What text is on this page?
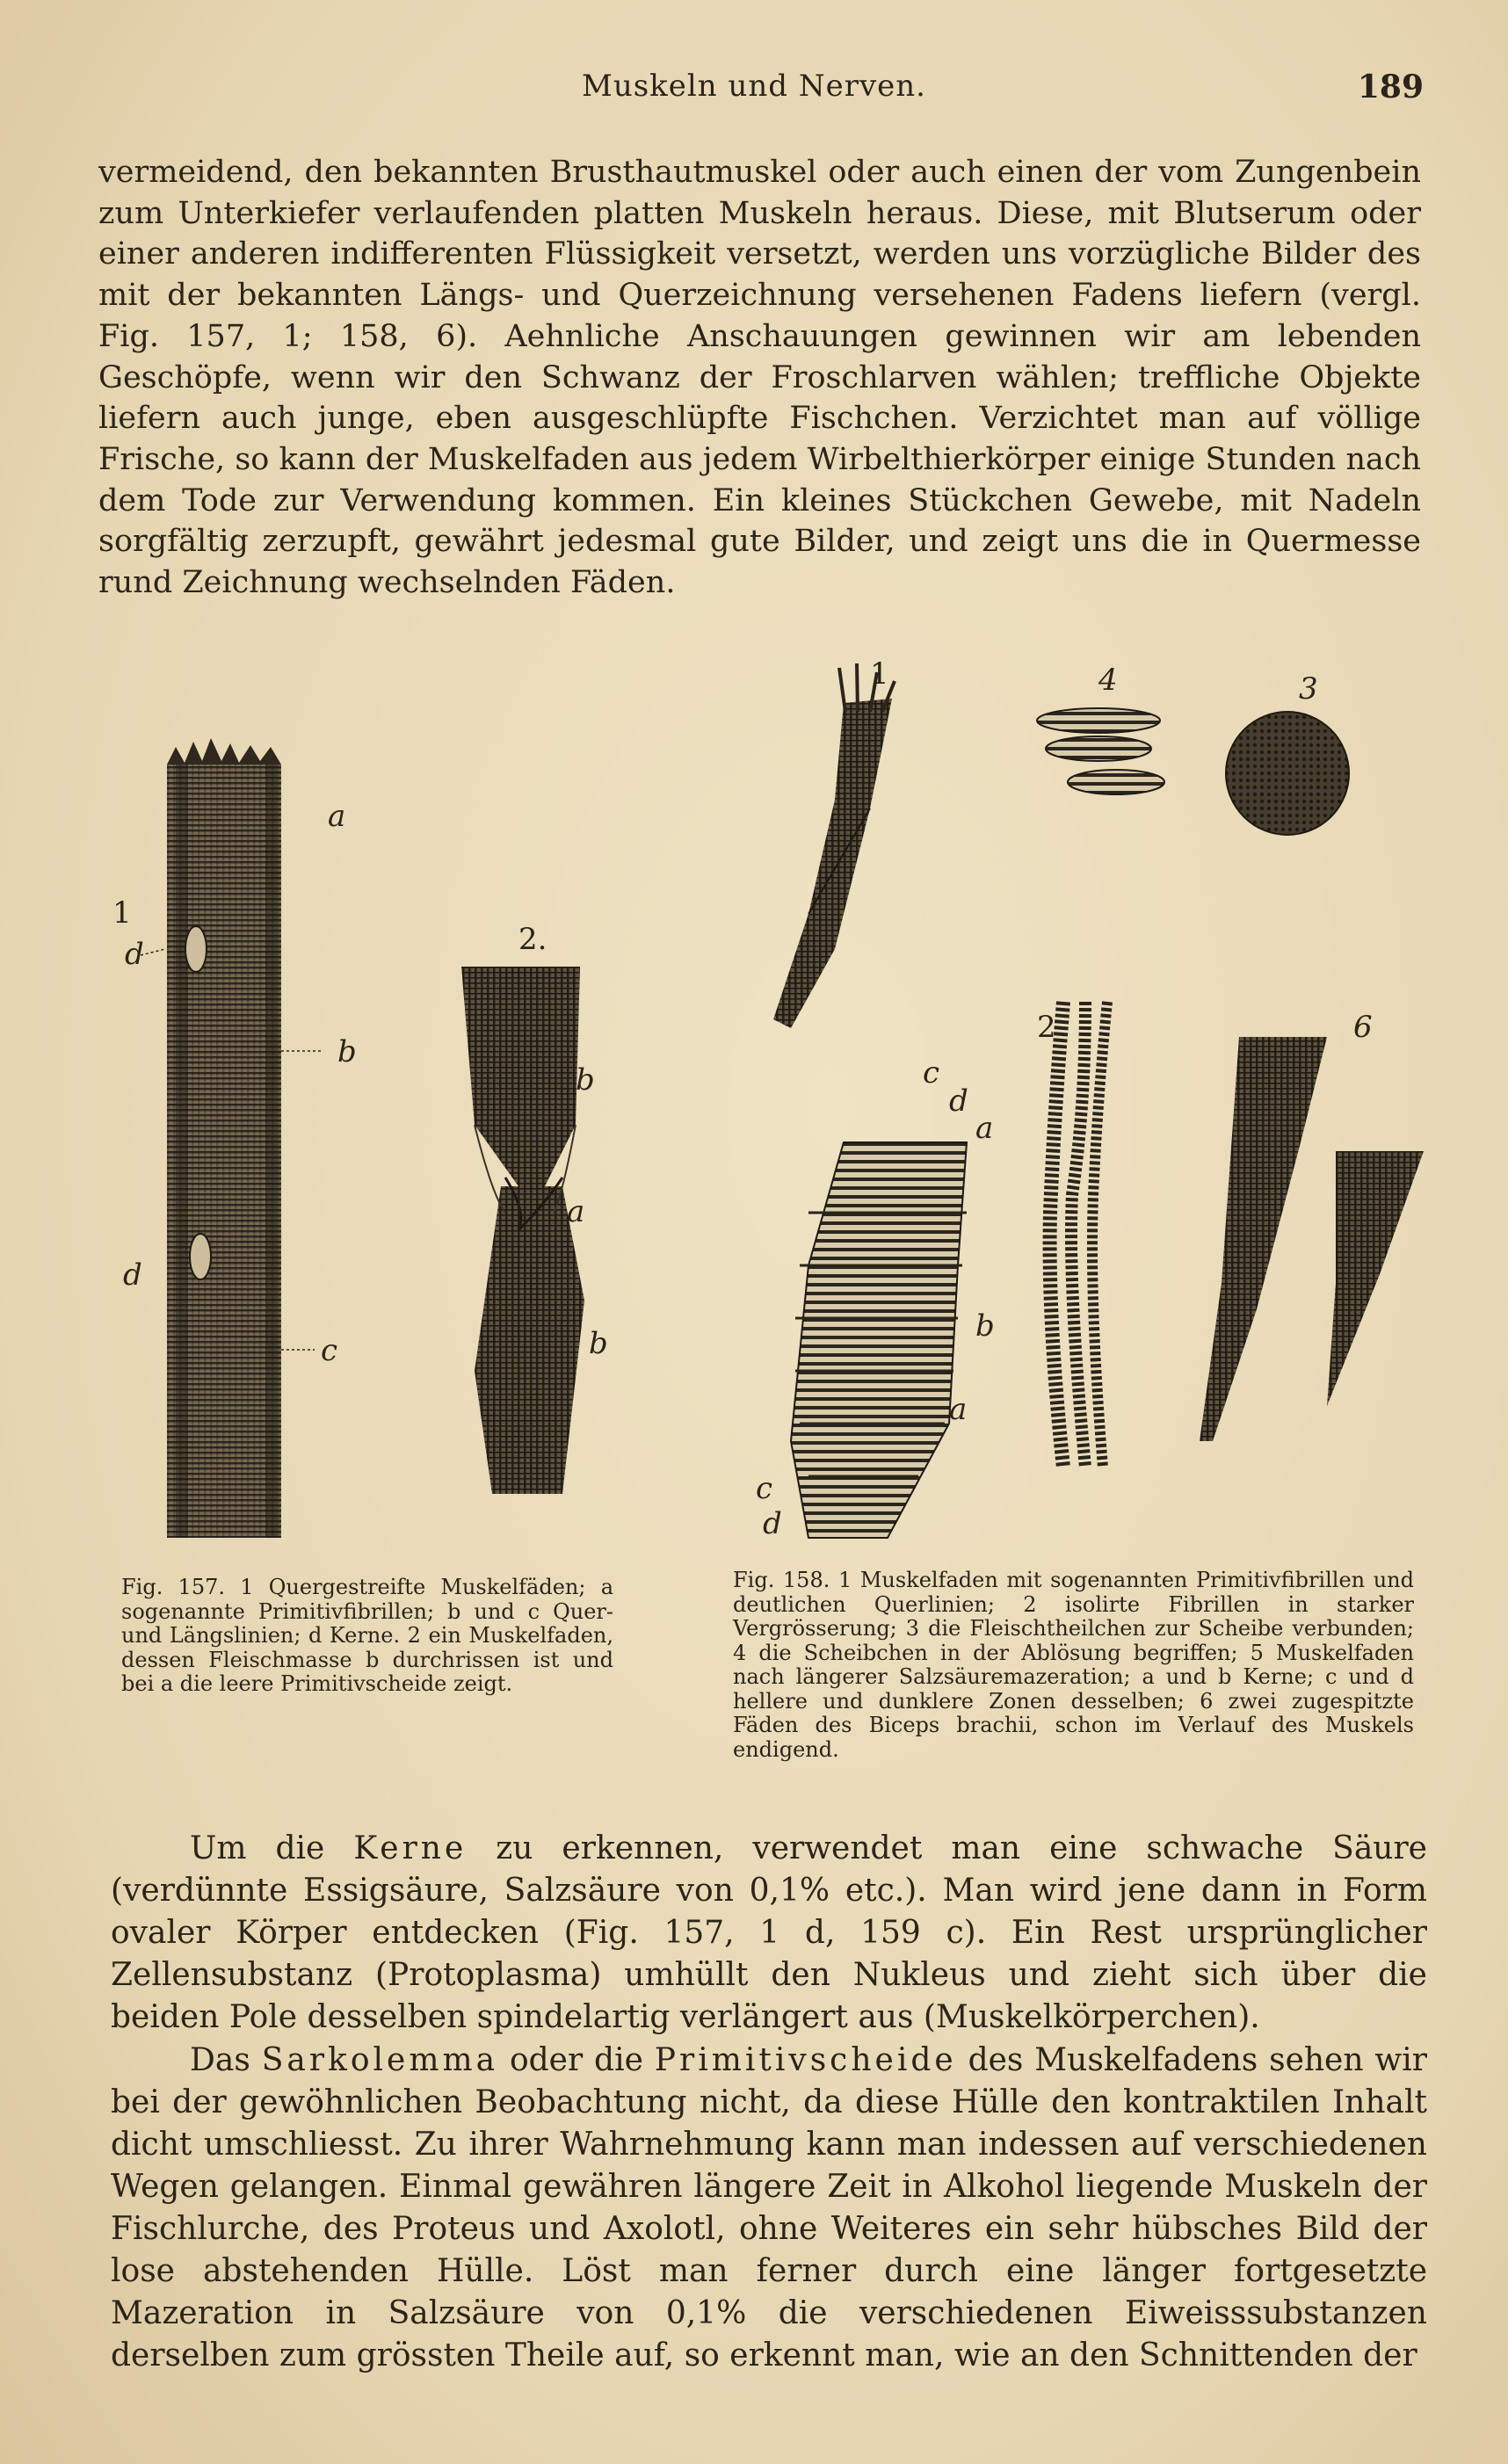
Muskeln und Nerven.	189

vermeidend, den bekannten Brusthautmuskel oder auch einen der vom Zungenbein zum Unterkiefer verlaufenden platten Muskeln heraus. Diese, mit Blutserum oder einer anderen indifferenten Flüssigkeit versetzt, werden uns vorzügliche Bilder des mit der bekannten Längs- und Querzeichnung versehenen Fadens liefern (vergl. Fig. 157, 1; 158, 6). Aehnliche Anschauungen gewinnen wir am lebenden Geschöpfe, wenn wir den Schwanz der Froschlarven wählen; treffliche Objekte liefern auch junge, eben ausgeschlüpfte Fischchen. Verzichtet man auf völlige Frische, so kann der Muskelfaden aus jedem Wirbelthierkörper einige Stunden nach dem Tode zur Verwendung kommen. Ein kleines Stückchen Gewebe, mit Nadeln sorgfältig zerzupft, gewährt jedesmal gute Bilder, und zeigt uns die in Quermesse rund Zeichnung wechselnden Fäden.

1
d
a
b
d
c
2.
b
a
b
1	4	3
2	6
c
d
a
b
a
c
d

Fig. 157. 1 Quergestreifte Muskelfäden; a sogenannte Primitivfibrillen; b und c Quer- und Längslinien; d Kerne. 2 ein Muskelfaden, dessen Fleischmasse b durchrissen ist und bei a die leere Primitivscheide zeigt.

Fig. 158. 1 Muskelfaden mit sogenannten Primitivfibrillen und deutlichen Querlinien; 2 isolirte Fibrillen in starker Vergrösserung; 3 die Fleischtheilchen zur Scheibe verbunden; 4 die Scheibchen in der Ablösung begriffen; 5 Muskelfaden nach längerer Salzsäuremazeration; a und b Kerne; c und d hellere und dunklere Zonen desselben; 6 zwei zugespitzte Fäden des Biceps brachii, schon im Verlauf des Muskels endigend.

Um die Kerne zu erkennen, verwendet man eine schwache Säure (verdünnte Essigsäure, Salzsäure von 0,1% etc.). Man wird jene dann in Form ovaler Körper entdecken (Fig. 157, 1 d, 159 c). Ein Rest ursprünglicher Zellensubstanz (Protoplasma) umhüllt den Nukleus und zieht sich über die beiden Pole desselben spindelartig verlängert aus (Muskelkörperchen).

Das Sarkolemma oder die Primitivscheide des Muskelfadens sehen wir bei der gewöhnlichen Beobachtung nicht, da diese Hülle den kontraktilen Inhalt dicht umschliesst. Zu ihrer Wahrnehmung kann man indessen auf verschiedenen Wegen gelangen. Einmal gewähren längere Zeit in Alkohol liegende Muskeln der Fischlurche, des Proteus und Axolotl, ohne Weiteres ein sehr hübsches Bild der lose abstehenden Hülle. Löst man ferner durch eine länger fortgesetzte Mazeration in Salzsäure von 0,1% die verschiedenen Eiweisssubstanzen derselben zum grössten Theile auf, so erkennt man, wie an den Schnittenden der
